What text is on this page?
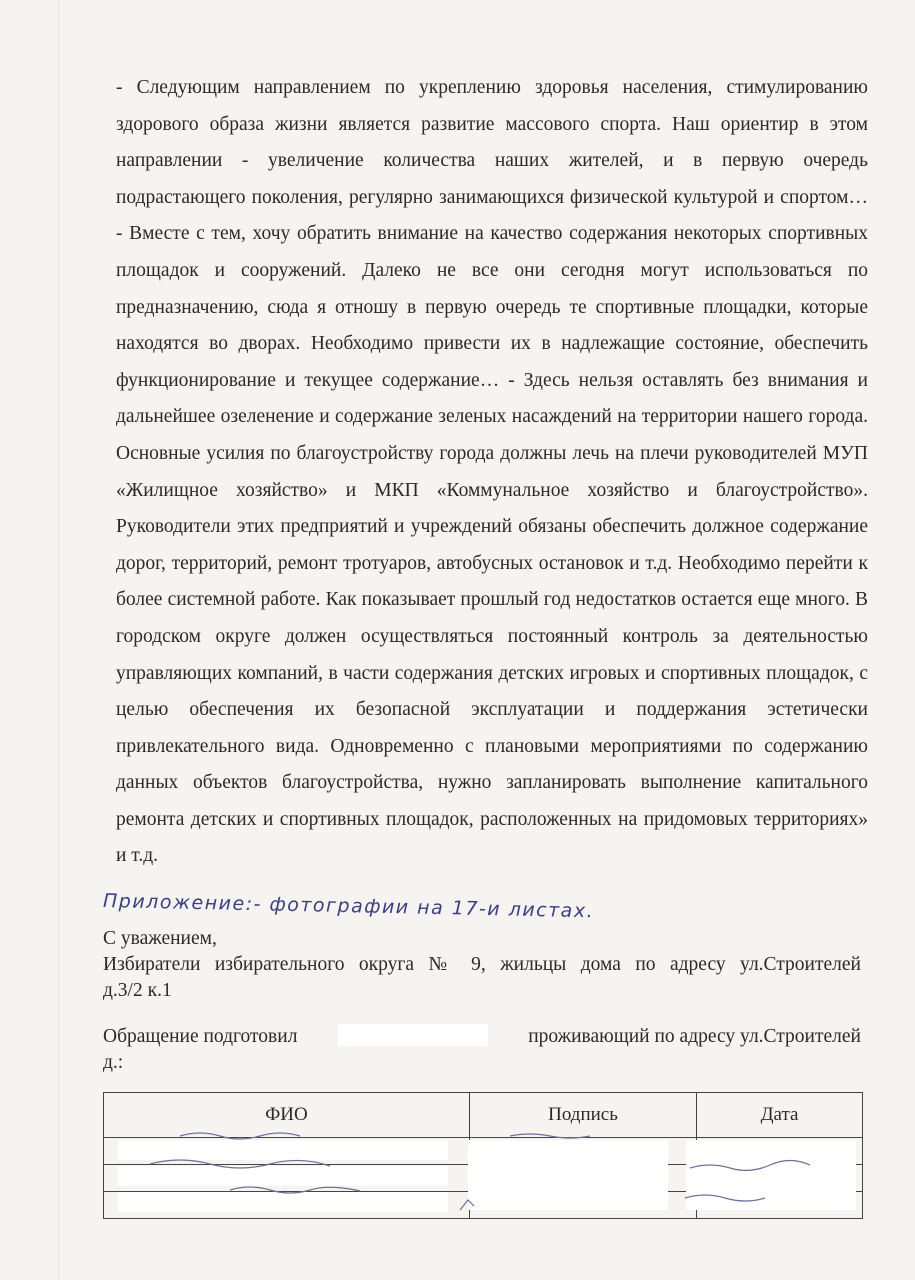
- Следующим направлением по укреплению здоровья населения, стимулированию здорового образа жизни является развитие массового спорта. Наш ориентир в этом направлении - увеличение количества наших жителей, и в первую очередь подрастающего поколения, регулярно занимающихся физической культурой и спортом… - Вместе с тем, хочу обратить внимание на качество содержания некоторых спортивных площадок и сооружений. Далеко не все они сегодня могут использоваться по предназначению, сюда я отношу в первую очередь те спортивные площадки, которые находятся во дворах. Необходимо привести их в надлежащие состояние, обеспечить функционирование и текущее содержание… - Здесь нельзя оставлять без внимания и дальнейшее озеленение и содержание зеленых насаждений на территории нашего города. Основные усилия по благоустройству города должны лечь на плечи руководителей МУП «Жилищное хозяйство» и МКП «Коммунальное хозяйство и благоустройство». Руководители этих предприятий и учреждений обязаны обеспечить должное содержание дорог, территорий, ремонт тротуаров, автобусных остановок и т.д. Необходимо перейти к более системной работе. Как показывает прошлый год недостатков остается еще много. В городском округе должен осуществляться постоянный контроль за деятельностью управляющих компаний, в части содержания детских игровых и спортивных площадок, с целью обеспечения их безопасной эксплуатации и поддержания эстетически привлекательного вида. Одновременно с плановыми мероприятиями по содержанию данных объектов благоустройства, нужно запланировать выполнение капитального ремонта детских и спортивных площадок, расположенных на придомовых территориях» и т.д.
Приложение:- фотографии на 17-и листах.
С уважением,
Избиратели избирательного округа № 9, жильцы дома по адресу ул.Строителей
д.3/2 к.1
Обращение подготовил	проживающий по адресу ул.Строителей
д.:
ФИО	Подпись	Дата
